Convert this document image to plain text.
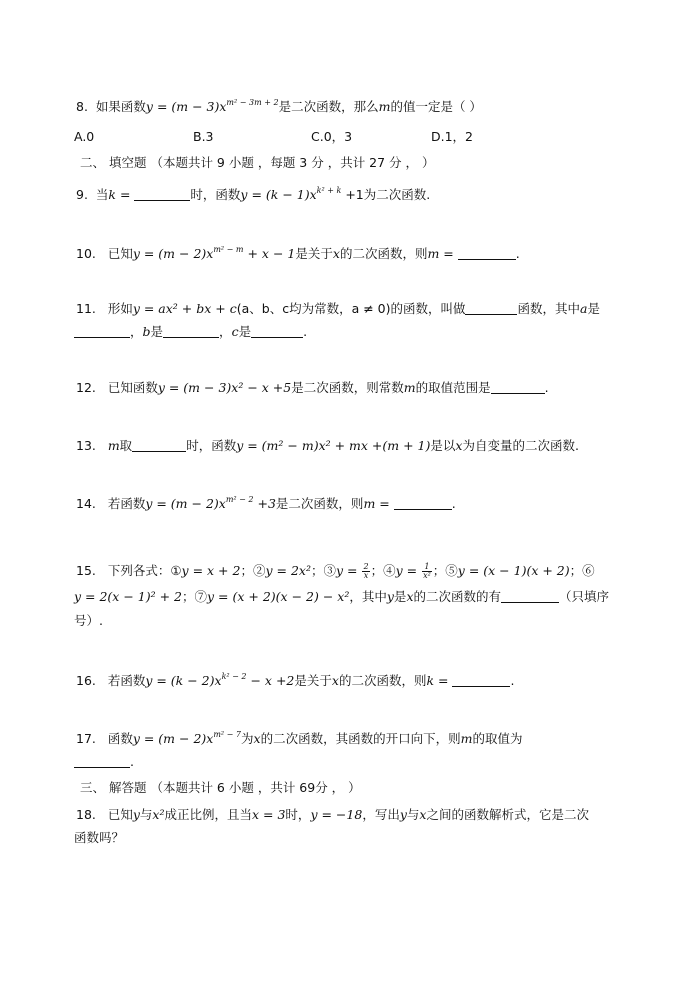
8. 如果函数$y = (m - 3)x^{m^2 - 3m + 2}$是二次函数，那么m的值一定是（ ）
A.0	B.3	C.0，3	D.1，2
二、 填空题 （本题共计 9 小题 ，每题 3 分 ，共计 27 分 ， ）
9. 当k =	时，函数$y = (k - 1)x^{k^2 + k} +1$为二次函数.
10. 已知$y = (m - 2)x^{m^2 - m} + x - 1$是关于x的二次函数，则m =	.
11. 形如y = ax² + bx + c(a、b、c均为常数，a ≠ 0)的函数，叫做	函数，其中a是
，b是	，c是	.
12. 已知函数y = (m − 3)x² − x +5是二次函数，则常数m的取值范围是	.
13. m取	时，函数y = (m² − m)x² + mx +(m + 1)是以x为自变量的二次函数.
14. 若函数$y = (m - 2)x^{m^2 - 2} +3$是二次函数，则m =	.
15. 下列各式：①y = x + 2；②y = 2x²；③y = $\frac{2}{x}$ ；④y = $\frac{1}{\text{x²}}$ ；⑤y = (x − 1)(x + 2)；⑥
y = 2(x − 1)² + 2；⑦y = (x + 2)(x − 2) − x²，其中y是x的二次函数的有	（只填序
号）.
16. 若函数$y = (k - 2)x^{k^2 - 2} - x +2$是关于x的二次函数，则k =	.
17. 函数$y = (m - 2)x^{m^2 - 7}$为x的二次函数，其函数的开口向下，则m的取值为
.
三、 解答题 （本题共计 6 小题 ，共计 69分 ， ）
18. 已知y与x²成正比例，且当x = 3时，y = −18，写出y与x之间的函数解析式，它是二次
函数吗？
